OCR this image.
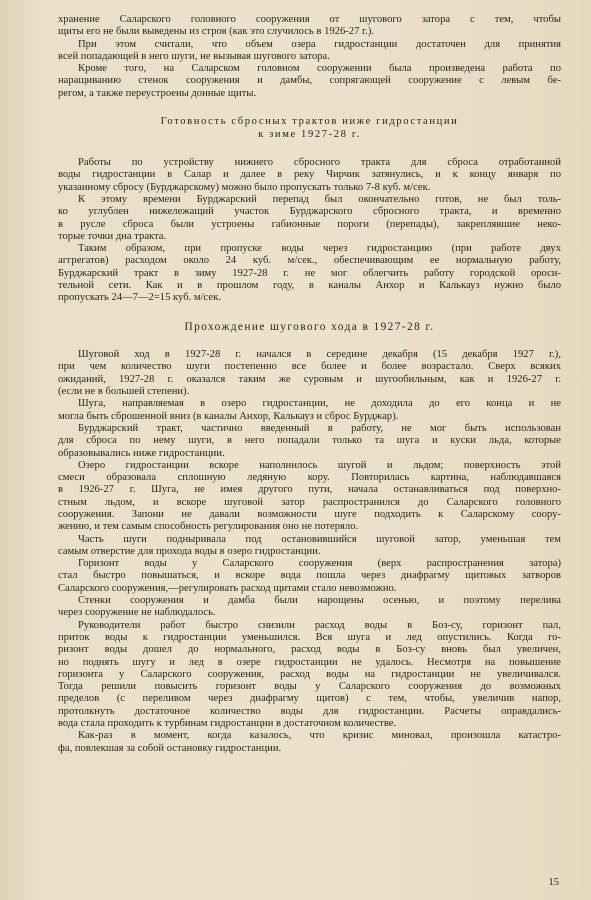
хранение Саларского головного сооружения от шугового затора с тем, чтобы
щиты его не были выведены из строя (как это случилось в 1926-27 г.).
При этом считали, что объем озера гидростанции достаточен для принятия
всей попадающей в него шуги, не вызывая шугового затора.
Кроме того, на Саларском головном сооружении была произведена работа по
наращиванию стенок сооружения и дамбы, сопрягающей сооружение с левым бе-
регом, а также переустроены донные щиты.
Готовность сбросных трактов ниже гидростанции
к зиме 1927-28 г.
Работы по устройству нижнего сбросного тракта для сброса отработанной
воды гидростанции в Салар и далее в реку Чирчик затянулись, и к концу января по
указанному сбросу (Бурджарскому) можно было пропускать только 7-8 куб. м/сек.
К этому времени Бурджарский перепад был окончательно готов, не был толь-
ко углублен нижележащий участок Бурджарского сбросного тракта, и временно
в русле сброса были устроены габионные пороги (перепады), закреплявшие неко-
торые точки дна тракта.
Таким образом, при пропуске воды через гидростанцию (при работе двух
аггрегатов) расходом около 24 куб. м/сек., обеспечивающим ее нормальную работу,
Бурджарский тракт в зиму 1927-28 г. не мог облегчить работу городской ороси-
тельной сети. Как и в прошлом году, в каналы Анхор и Калькауз нужно было
пропускать 24—7—2=15 куб. м/сек.
Прохождение шугового хода в 1927-28 г.
Шуговой ход в 1927-28 г. начался в середине декабря (15 декабря 1927 г.),
при чем количество шуги постепенно все более и более возрастало. Сверх всяких
ожиданий, 1927-28 г. оказался таким же суровым и шугообильным, как и 1926-27 г.
(если не в большей степени).
Шуга, направляемая в озеро гидростанции, не доходила до его конца и не
могла быть сброшенной вниз (в каналы Анхор, Калькауз и сброс Бурджар).
Бурджарский тракт, частично введенный в работу, не мог быть использован
для сброса по нему шуги, в него попадали только та шуга и куски льда, которые
образовывались ниже гидростанции.
Озеро гидростанции вскоре наполнилось шугой и льдом; поверхность этой
смеси образовала сплошную ледяную кору. Повторилась картина, наблюдавшаяся
в 1926-27 г. Шуга, не имея другого пути, начала останавливаться под поверхно-
стным льдом, и вскоре шуговой затор распространился до Саларского головного
сооружения. Запони не давали возможности шуге подходить к Саларскому соору-
жению, и тем самым способность регулирования оно не потеряло.
Часть шуги подныривала под остановившийся шуговой затор, уменьшая тем
самым отверстие для прохода воды в озеро гидростанции.
Горизонт воды у Саларского сооружения (верх распространения затора)
стал быстро повышаться, и вскоре вода пошла через диафрагму щитовых затворов
Саларского сооружения,—регулировать расход щитами стало невозможно.
Стенки сооружения и дамба были нарощены осенью, и поэтому перелива
через сооружение не наблюдалось.
Руководители работ быстро снизили расход воды в Боз-су, горизонт пал,
приток воды к гидростанции уменьшился. Вся шуга и лед опустились. Когда го-
ризонт воды дошел до нормального, расход воды в Боз-су вновь был увеличен,
но поднять шугу и лед в озере гидростанции не удалось. Несмотря на повышение
горизонта у Саларского сооружения, расход воды на гидростанции не увеличивался.
Тогда решили повысить горизонт воды у Саларского сооружения до возможных
пределов (с переливом через диафрагму щитов) с тем, чтобы, увеличив напор,
протолкнуть достаточное количество воды для гидростанции. Расчеты оправдались-
вода стала проходить к турбинам гидростанции в достаточном количестве.
Как-раз в момент, когда казалось, что кризис миновал, произошла катастро-
фа, повлекшая за собой остановку гидростанции.
15
